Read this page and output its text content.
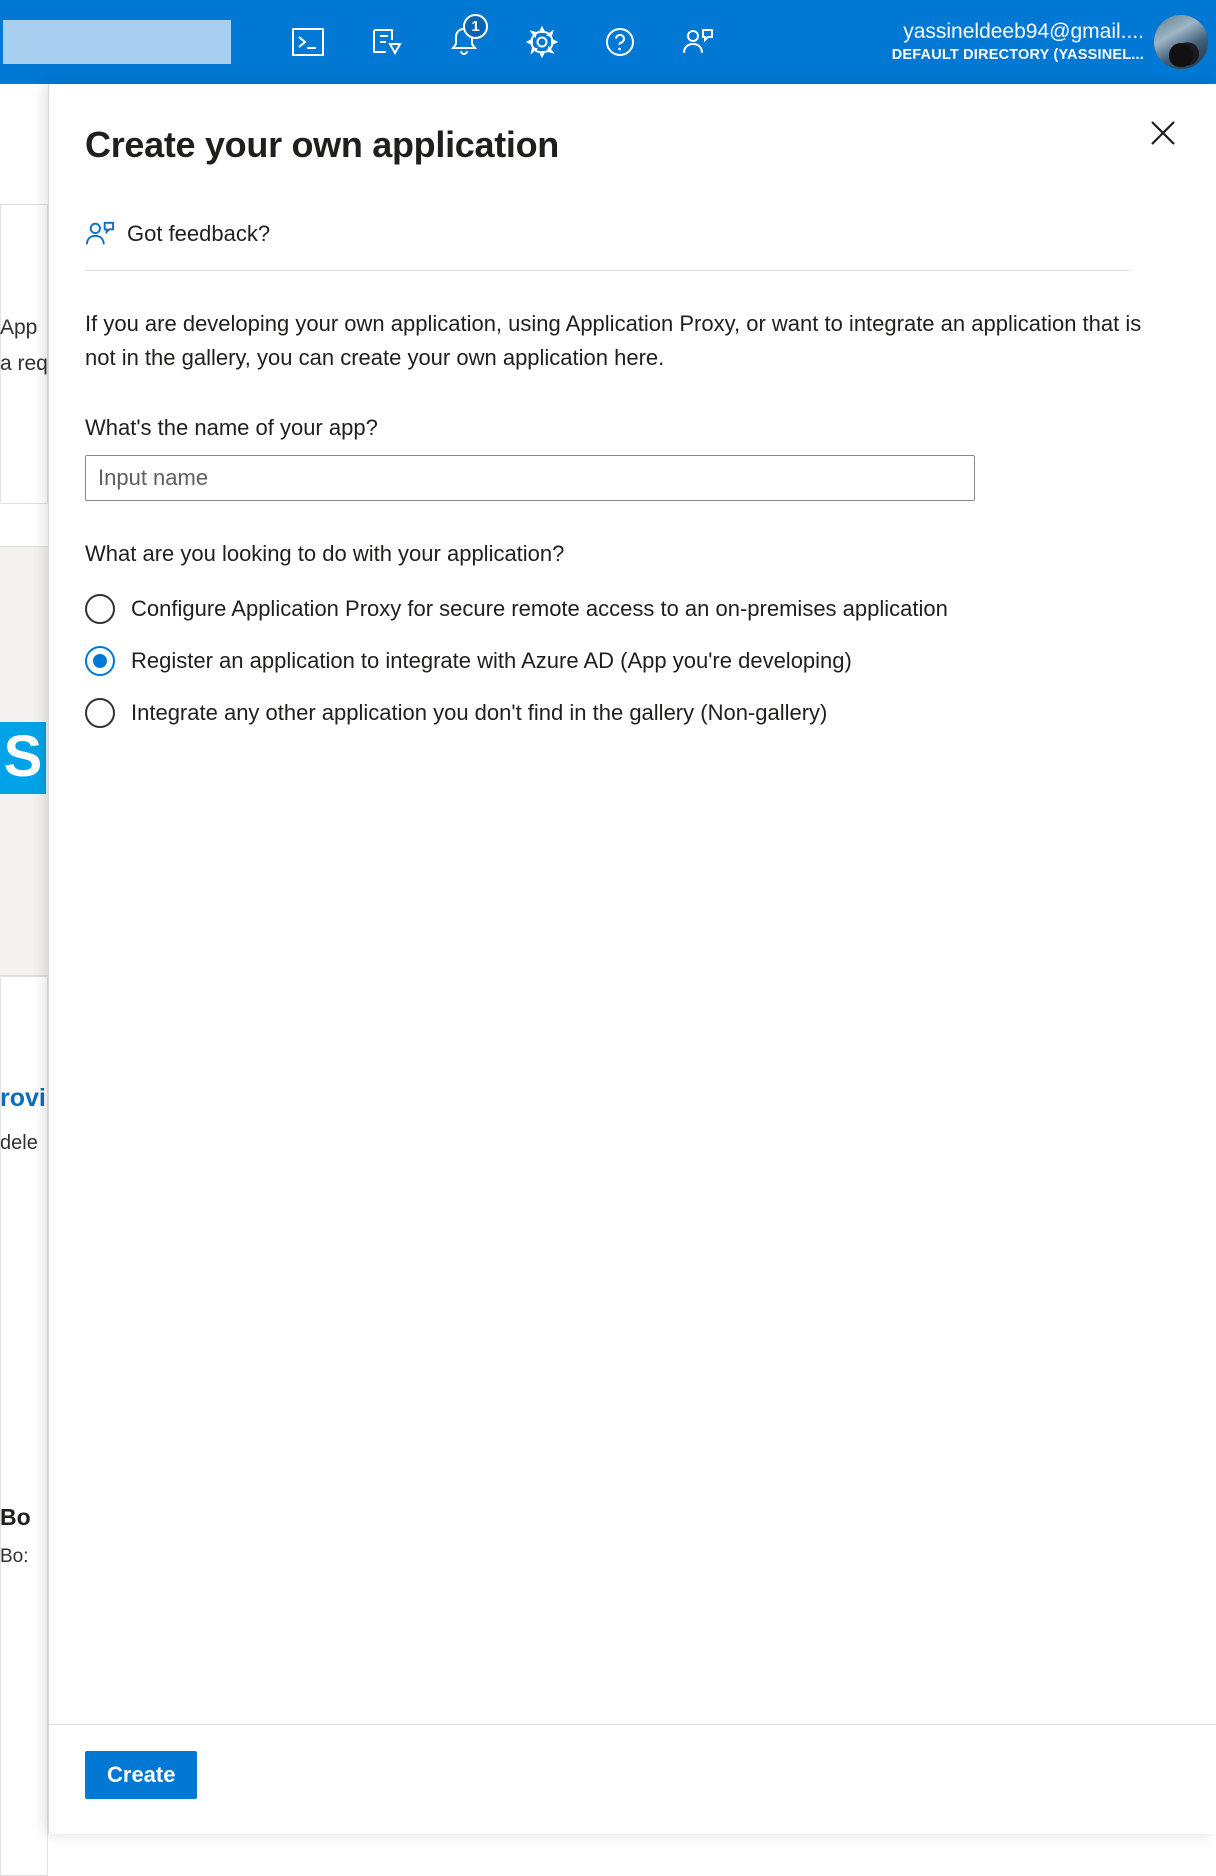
1	yassineldeeb94@gmail....
DEFAULT DIRECTORY (YASSINEL...
App
a req
S
rovi
dele
Bo
Bo:
Create your own application
Got feedback?

If you are developing your own application, using Application Proxy, or want to integrate an application that is not in the gallery, you can create your own application here.

What's the name of your app?
Input name
What are you looking to do with your application?
Configure Application Proxy for secure remote access to an on-premises application
Register an application to integrate with Azure AD (App you're developing)
Integrate any other application you don't find in the gallery (Non-gallery)
Create
